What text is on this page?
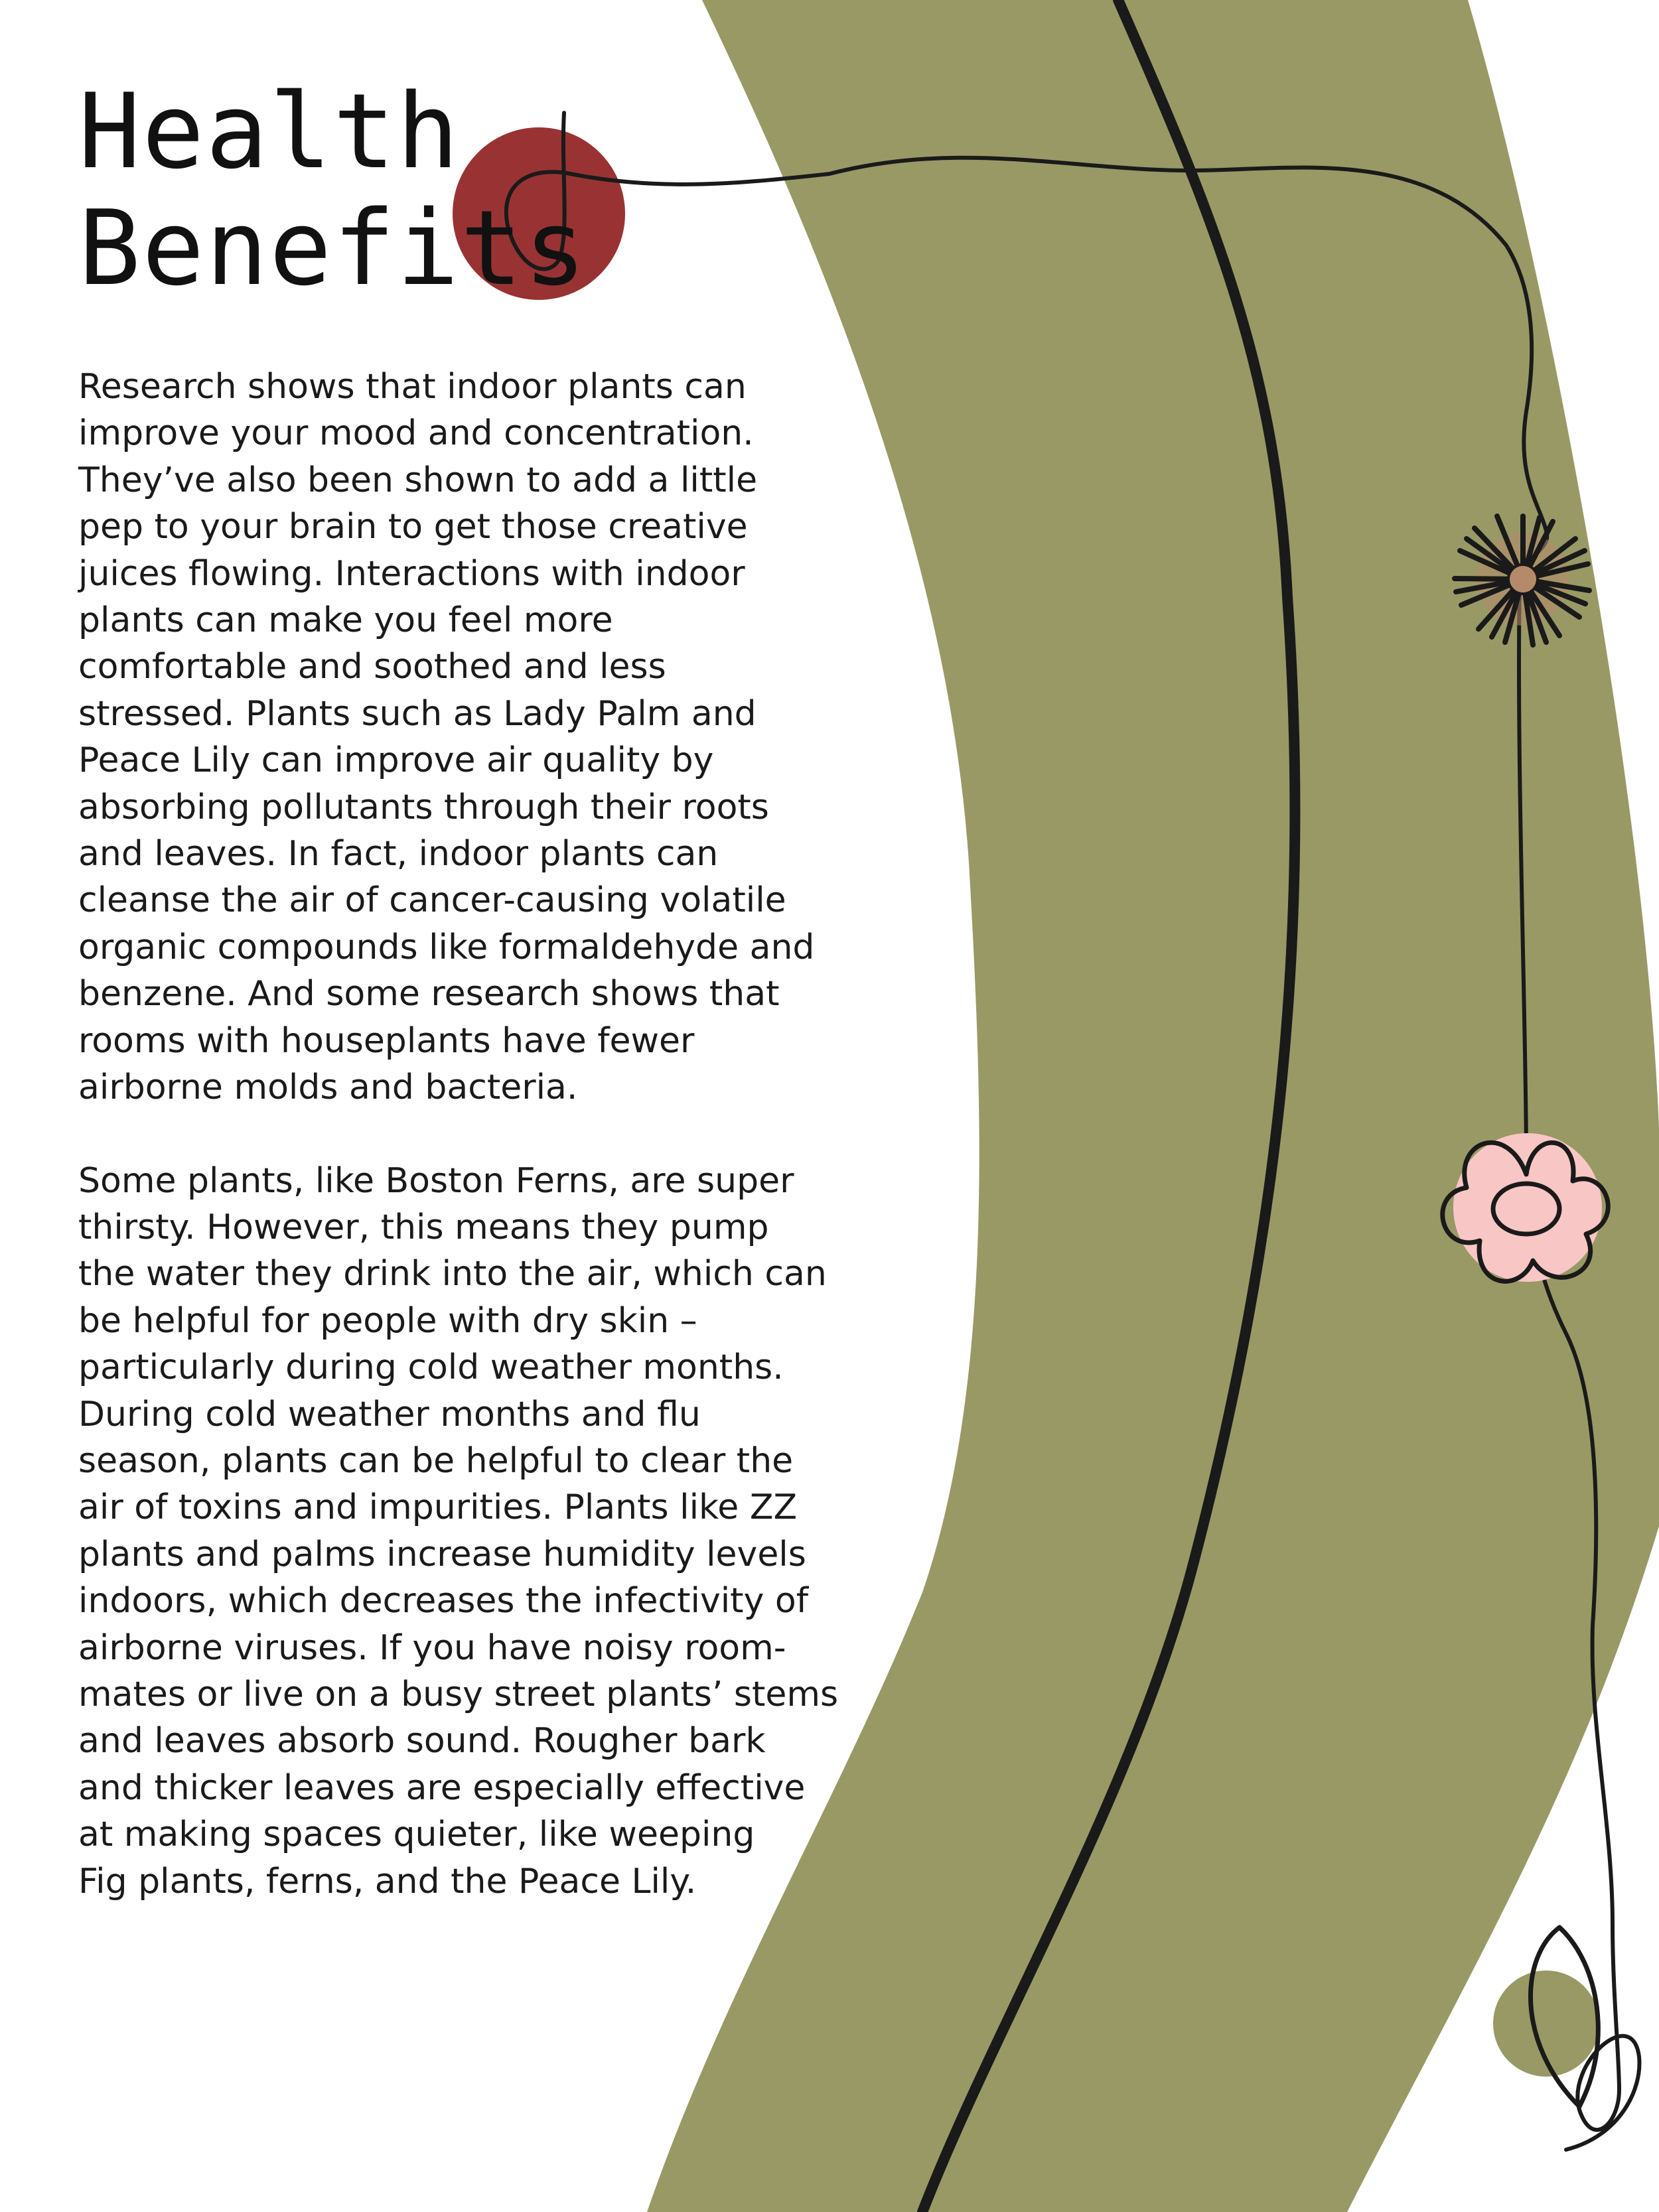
Health
Benefits

Research shows that indoor plants can
improve your mood and concentration.
They’ve also been shown to add a little
pep to your brain to get those creative
juices flowing. Interactions with indoor
plants can make you feel more
comfortable and soothed and less
stressed. Plants such as Lady Palm and
Peace Lily can improve air quality by
absorbing pollutants through their roots
and leaves. In fact, indoor plants can
cleanse the air of cancer-causing volatile
organic compounds like formaldehyde and
benzene. And some research shows that
rooms with houseplants have fewer
airborne molds and bacteria.

Some plants, like Boston Ferns, are super
thirsty. However, this means they pump
the water they drink into the air, which can
be helpful for people with dry skin –
particularly during cold weather months.
During cold weather months and flu
season, plants can be helpful to clear the
air of toxins and impurities. Plants like ZZ
plants and palms increase humidity levels
indoors, which decreases the infectivity of
airborne viruses. If you have noisy room-
mates or live on a busy street plants’ stems
and leaves absorb sound. Rougher bark
and thicker leaves are especially effective
at making spaces quieter, like weeping
Fig plants, ferns, and the Peace Lily.
